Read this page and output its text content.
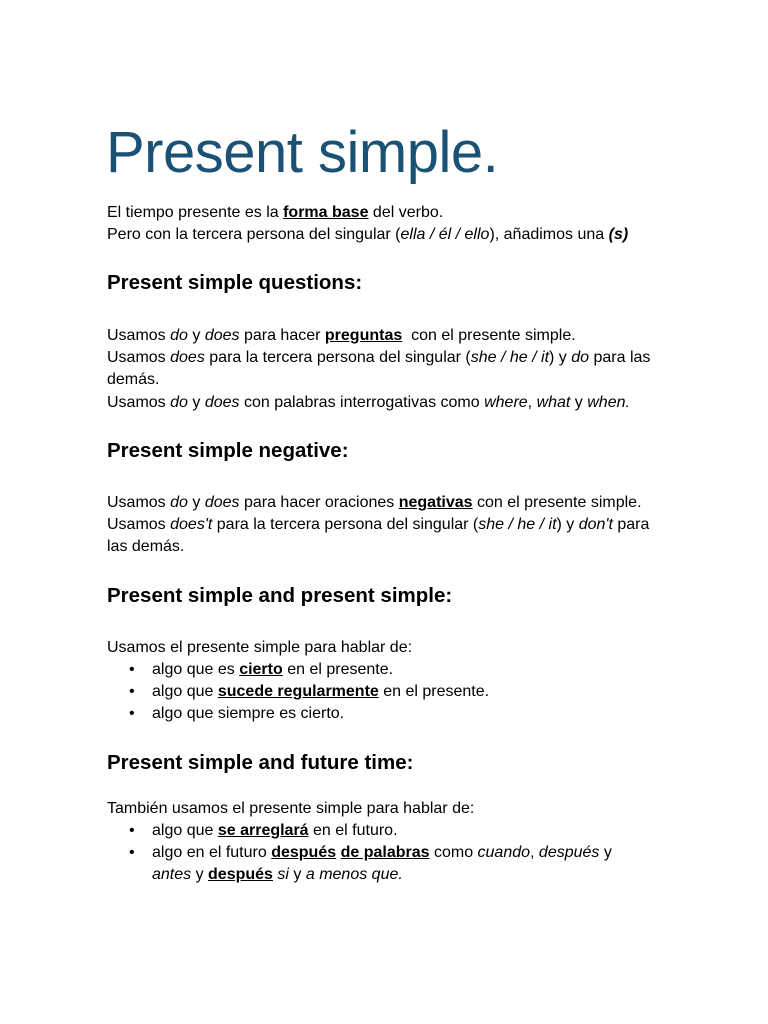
Present simple.

El tiempo presente es la forma base del verbo.
Pero con la tercera persona del singular (ella / él / ello), añadimos una (s)

Present simple questions:

Usamos do y does para hacer preguntas  con el presente simple.
Usamos does para la tercera persona del singular (she / he / it) y do para las demás.
Usamos do y does con palabras interrogativas como where, what y when.

Present simple negative:

Usamos do y does para hacer oraciones negativas con el presente simple. Usamos does't para la tercera persona del singular (she / he / it) y don't para las demás.

Present simple and present simple:

Usamos el presente simple para hablar de:

• algo que es cierto en el presente.
• algo que sucede regularmente en el presente.
• algo que siempre es cierto.
Present simple and future time:

También usamos el presente simple para hablar de:

• algo que se arreglará en el futuro.
• algo en el futuro después de palabras como cuando, después y antes y después si y a menos que.
